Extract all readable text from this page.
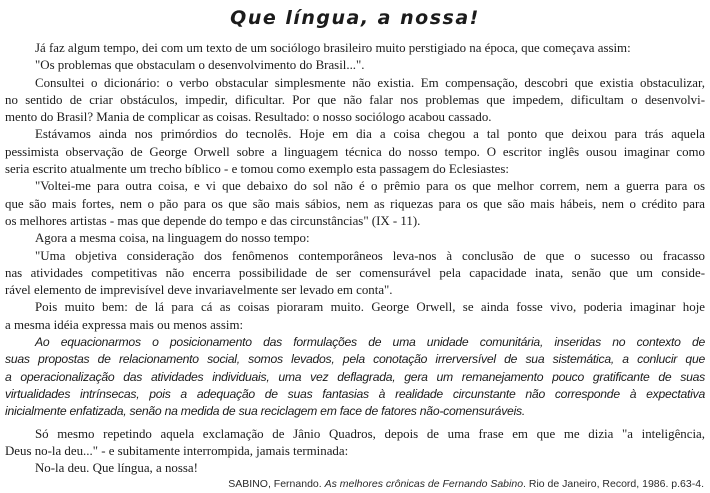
Que língua, a nossa!
Já faz algum tempo, dei com um texto de um sociólogo brasileiro muito perstigiado na época, que começava assim:
"Os problemas que obstaculam o desenvolvimento do Brasil...".
Consultei o dicionário: o verbo obstacular simplesmente não existia. Em compensação, descobri que existia obstaculizar,
no sentido de criar obstáculos, impedir, dificultar. Por que não falar nos problemas que impedem, dificultam o desenvolvi-
mento do Brasil? Mania de complicar as coisas. Resultado: o nosso sociólogo acabou cassado.
Estávamos ainda nos primórdios do tecnolês. Hoje em dia a coisa chegou a tal ponto que deixou para trás aquela
pessimista observação de George Orwell sobre a linguagem técnica do nosso tempo. O escritor inglês ousou imaginar como
seria escrito atualmente um trecho bíblico - e tomou como exemplo esta passagem do Eclesiastes:
"Voltei-me para outra coisa, e vi que debaixo do sol não é o prêmio para os que melhor correm, nem a guerra para os
que são mais fortes, nem o pão para os que são mais sábios, nem as riquezas para os que são mais hábeis, nem o crédito para
os melhores artistas - mas que depende do tempo e das circunstâncias" (IX - 11).
Agora a mesma coisa, na linguagem do nosso tempo:
"Uma objetiva consideração dos fenômenos contemporâneos leva-nos à conclusão de que o sucesso ou fracasso
nas atividades competitivas não encerra possibilidade de ser comensurável pela capacidade inata, senão que um conside-
rável elemento de imprevisível deve invariavelmente ser levado em conta".
Pois muito bem: de lá para cá as coisas pioraram muito. George Orwell, se ainda fosse vivo, poderia imaginar hoje
a mesma idéia expressa mais ou menos assim:
Ao equacionarmos o posicionamento das formulações de uma unidade comunitária, inseridas no contexto de
suas propostas de relacionamento social, somos levados, pela conotação irrerversível de sua sistemática, a conlucir que
a operacionalização das atividades individuais, uma vez deflagrada, gera um remanejamento pouco gratificante de suas
virtualidades intrínsecas, pois a adequação de suas fantasias à realidade circunstante não corresponde à expectativa
inicialmente enfatizada, senão na medida de sua reciclagem em face de fatores não-comensuráveis.
Só mesmo repetindo aquela exclamação de Jânio Quadros, depois de uma frase em que me dizia "a inteligência,
Deus no-la deu..." - e subitamente interrompida, jamais terminada:
No-la deu. Que língua, a nossa!
SABINO, Fernando. As melhores crônicas de Fernando Sabino. Rio de Janeiro, Record, 1986. p.63-4.
